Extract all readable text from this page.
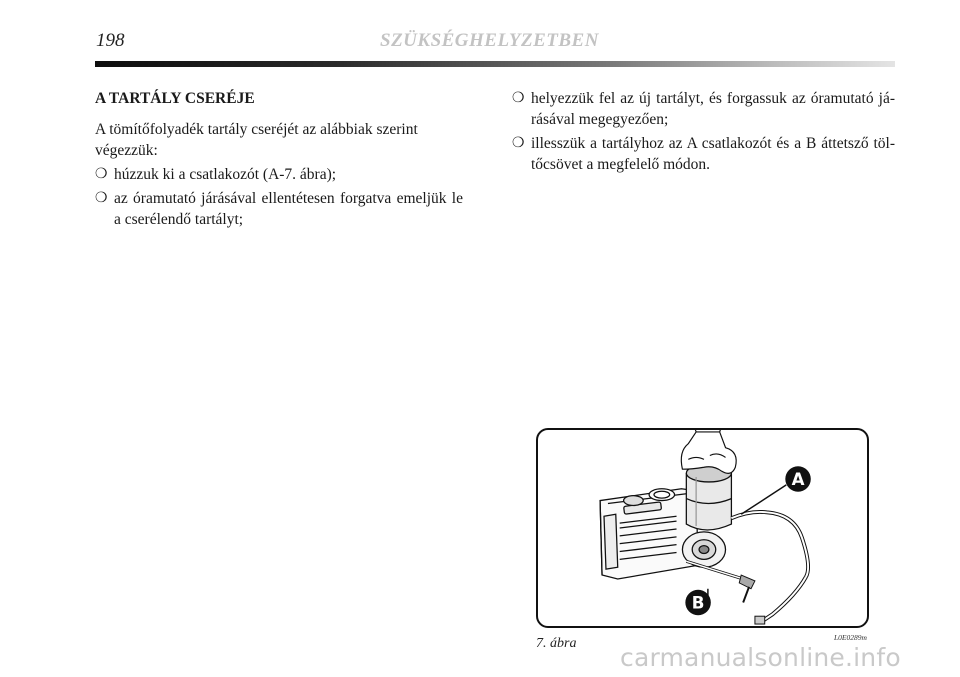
198	SZÜKSÉGHELYZETBEN
A TARTÁLY CSERÉJE
A tömítőfolyadék tartály cseréjét az alábbiak szerint végezzük:
❍ húzzuk ki a csatlakozót (A-7. ábra);
❍ az óramutató járásával ellentétesen forgatva emeljük le a cserélendő tartályt;
❍ helyezzük fel az új tartályt, és forgassuk az óramutató já-rásával megegyezően;
❍ illesszük a tartályhoz az A csatlakozót és a B áttetsző töl-tőcsövet a megfelelő módon.
A
B
L0E0289m
7. ábra carmanualsonline.info
